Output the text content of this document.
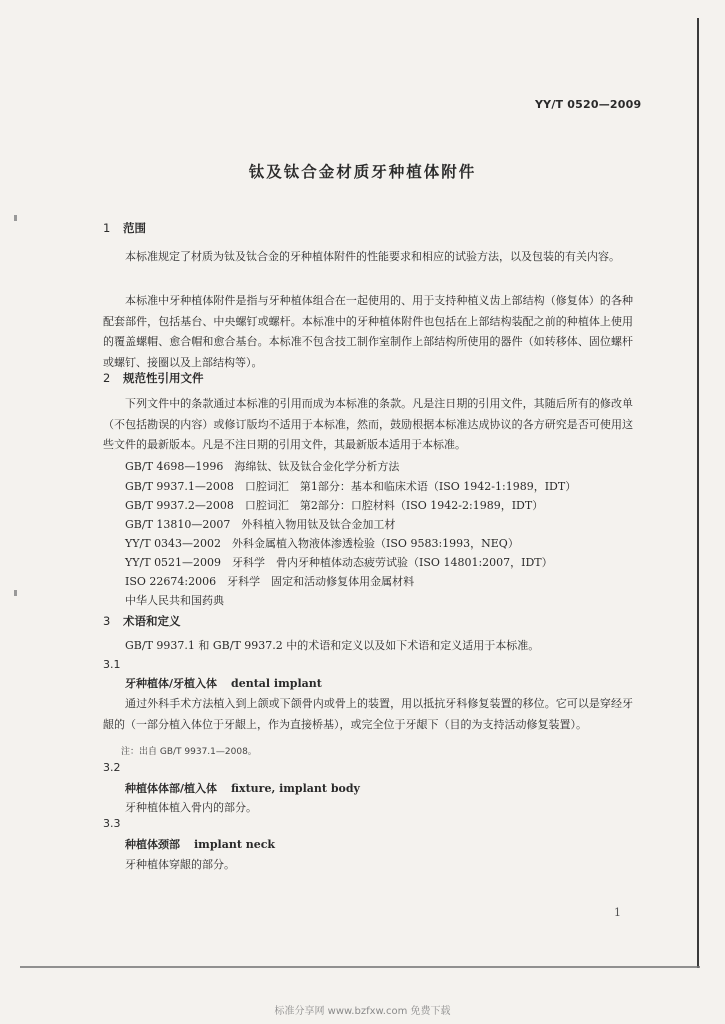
YY/T 0520—2009
钛及钛合金材质牙种植体附件
1 范围
本标准规定了材质为钛及钛合金的牙种植体附件的性能要求和相应的试验方法，以及包装的有关内容。
本标准中牙种植体附件是指与牙种植体组合在一起使用的、用于支持种植义齿上部结构（修复体）的各种配套部件，包括基台、中央螺钉或螺杆。本标准中的牙种植体附件也包括在上部结构装配之前的种植体上使用的覆盖螺帽、愈合帽和愈合基台。本标准不包含技工制作室制作上部结构所使用的器件（如转移体、固位螺杆或螺钉、接圈以及上部结构等）。
2 规范性引用文件
下列文件中的条款通过本标准的引用而成为本标准的条款。凡是注日期的引用文件，其随后所有的修改单（不包括勘误的内容）或修订版均不适用于本标准，然而，鼓励根据本标准达成协议的各方研究是否可使用这些文件的最新版本。凡是不注日期的引用文件，其最新版本适用于本标准。
GB/T 4698—1996　海绵钛、钛及钛合金化学分析方法
GB/T 9937.1—2008　口腔词汇　第1部分：基本和临床术语（ISO 1942-1:1989，IDT）
GB/T 9937.2—2008　口腔词汇　第2部分：口腔材料（ISO 1942-2:1989，IDT）
GB/T 13810—2007　外科植入物用钛及钛合金加工材
YY/T 0343—2002　外科金属植入物液体渗透检验（ISO 9583:1993，NEQ）
YY/T 0521—2009　牙科学　骨内牙种植体动态疲劳试验（ISO 14801:2007，IDT）
ISO 22674:2006　牙科学　固定和活动修复体用金属材料
中华人民共和国药典
3 术语和定义
GB/T 9937.1 和 GB/T 9937.2 中的术语和定义以及如下术语和定义适用于本标准。
3.1
牙种植体/牙植入体 dental implant
通过外科手术方法植入到上颌或下颌骨内或骨上的装置，用以抵抗牙科修复装置的移位。它可以是穿经牙龈的（一部分植入体位于牙龈上，作为直接桥基），或完全位于牙龈下（目的为支持活动修复装置）。
注：出自 GB/T 9937.1—2008。
3.2
种植体体部/植入体 fixture, implant body
牙种植体植入骨内的部分。
3.3
种植体颈部 implant neck
牙种植体穿龈的部分。
1
标准分享网 www.bzfxw.com 免费下载
